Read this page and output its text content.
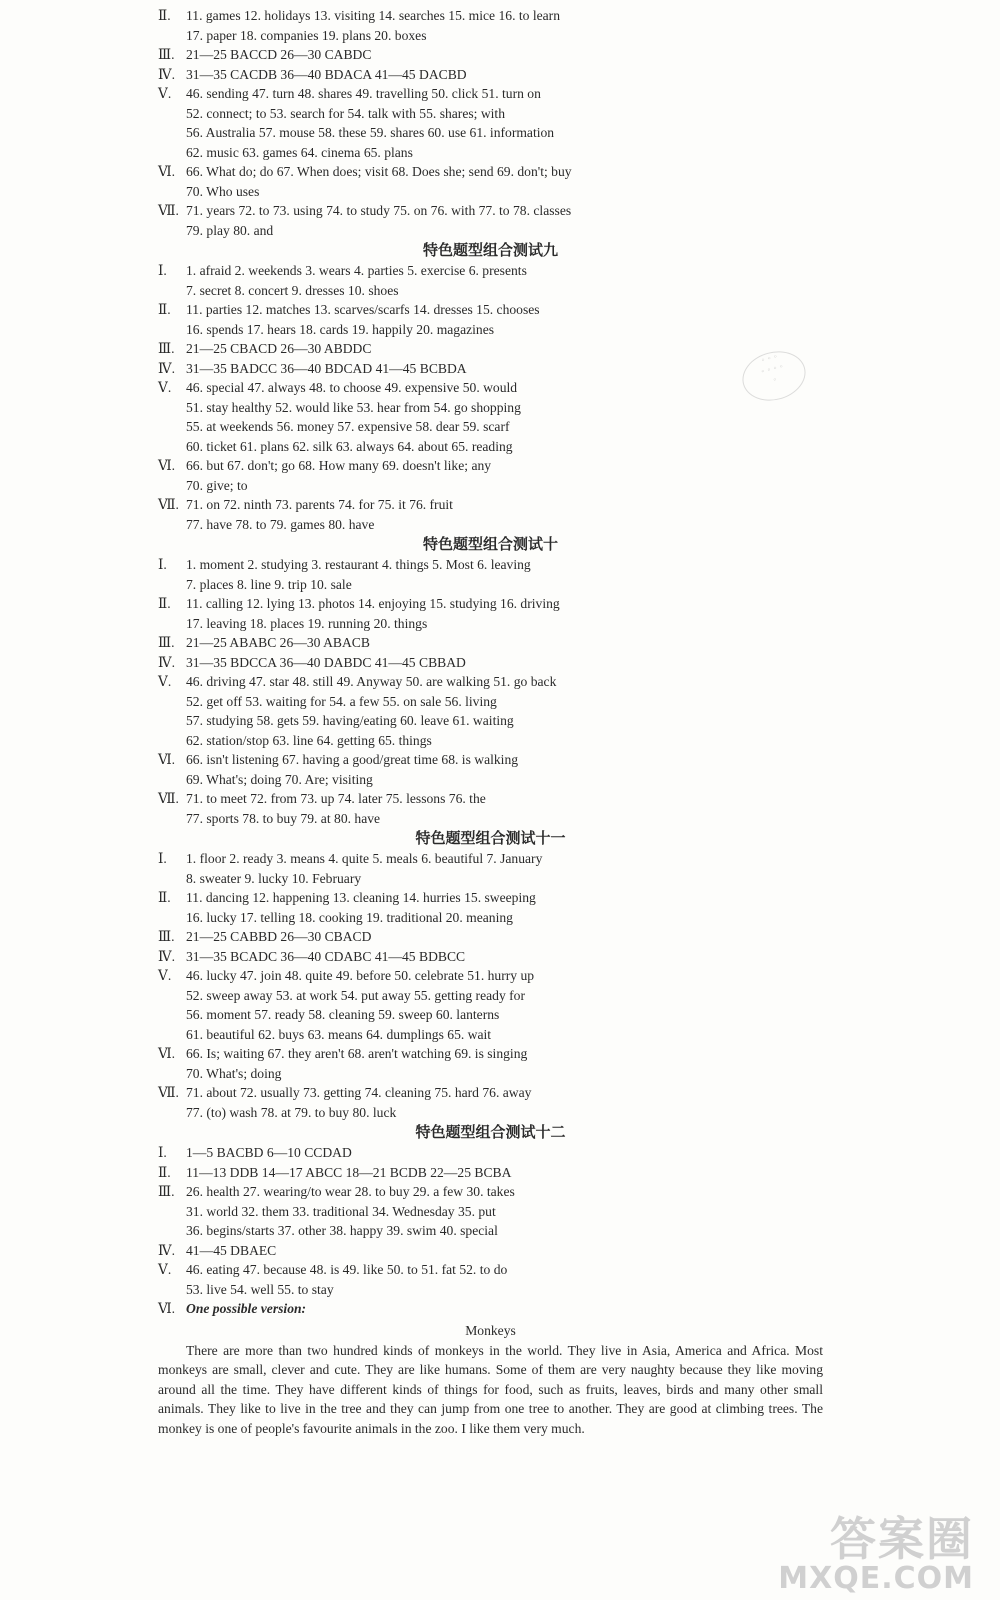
Ⅱ. 11. games 12. holidays 13. visiting 14. searches 15. mice 16. to learn
17. paper 18. companies 19. plans 20. boxes
Ⅲ. 21—25 BACCD 26—30 CABDC
Ⅳ. 31—35 CACDB 36—40 BDACA 41—45 DACBD
Ⅴ. 46. sending 47. turn 48. shares 49. travelling 50. click 51. turn on
52. connect; to 53. search for 54. talk with 55. shares; with
56. Australia 57. mouse 58. these 59. shares 60. use 61. information
62. music 63. games 64. cinema 65. plans
Ⅵ. 66. What do; do 67. When does; visit 68. Does she; send 69. don't; buy
70. Who uses
Ⅶ. 71. years 72. to 73. using 74. to study 75. on 76. with 77. to 78. classes
79. play 80. and
特色题型组合测试九
Ⅰ. 1. afraid 2. weekends 3. wears 4. parties 5. exercise 6. presents
7. secret 8. concert 9. dresses 10. shoes
Ⅱ. 11. parties 12. matches 13. scarves/scarfs 14. dresses 15. chooses
16. spends 17. hears 18. cards 19. happily 20. magazines
Ⅲ. 21—25 CBACD 26—30 ABDDC
Ⅳ. 31—35 BADCC 36—40 BDCAD 41—45 BCBDA
Ⅴ. 46. special 47. always 48. to choose 49. expensive 50. would
51. stay healthy 52. would like 53. hear from 54. go shopping
55. at weekends 56. money 57. expensive 58. dear 59. scarf
60. ticket 61. plans 62. silk 63. always 64. about 65. reading
Ⅵ. 66. but 67. don't; go 68. How many 69. doesn't like; any
70. give; to
Ⅶ. 71. on 72. ninth 73. parents 74. for 75. it 76. fruit
77. have 78. to 79. games 80. have
特色题型组合测试十
Ⅰ. 1. moment 2. studying 3. restaurant 4. things 5. Most 6. leaving
7. places 8. line 9. trip 10. sale
Ⅱ. 11. calling 12. lying 13. photos 14. enjoying 15. studying 16. driving
17. leaving 18. places 19. running 20. things
Ⅲ. 21—25 ABABC 26—30 ABACB
Ⅳ. 31—35 BDCCA 36—40 DABDC 41—45 CBBAD
Ⅴ. 46. driving 47. star 48. still 49. Anyway 50. are walking 51. go back
52. get off 53. waiting for 54. a few 55. on sale 56. living
57. studying 58. gets 59. having/eating 60. leave 61. waiting
62. station/stop 63. line 64. getting 65. things
Ⅵ. 66. isn't listening 67. having a good/great time 68. is walking
69. What's; doing 70. Are; visiting
Ⅶ. 71. to meet 72. from 73. up 74. later 75. lessons 76. the
77. sports 78. to buy 79. at 80. have
特色题型组合测试十一
Ⅰ. 1. floor 2. ready 3. means 4. quite 5. meals 6. beautiful 7. January
8. sweater 9. lucky 10. February
Ⅱ. 11. dancing 12. happening 13. cleaning 14. hurries 15. sweeping
16. lucky 17. telling 18. cooking 19. traditional 20. meaning
Ⅲ. 21—25 CABBD 26—30 CBACD
Ⅳ. 31—35 BCADC 36—40 CDABC 41—45 BDBCC
Ⅴ. 46. lucky 47. join 48. quite 49. before 50. celebrate 51. hurry up
52. sweep away 53. at work 54. put away 55. getting ready for
56. moment 57. ready 58. cleaning 59. sweep 60. lanterns
61. beautiful 62. buys 63. means 64. dumplings 65. wait
Ⅵ. 66. Is; waiting 67. they aren't 68. aren't watching 69. is singing
70. What's; doing
Ⅶ. 71. about 72. usually 73. getting 74. cleaning 75. hard 76. away
77. (to) wash 78. at 79. to buy 80. luck
特色题型组合测试十二
Ⅰ. 1—5 BACBD 6—10 CCDAD
Ⅱ. 11—13 DDB 14—17 ABCC 18—21 BCDB 22—25 BCBA
Ⅲ. 26. health 27. wearing/to wear 28. to buy 29. a few 30. takes
31. world 32. them 33. traditional 34. Wednesday 35. put
36. begins/starts 37. other 38. happy 39. swim 40. special
Ⅳ. 41—45 DBAEC
Ⅴ. 46. eating 47. because 48. is 49. like 50. to 51. fat 52. to do
53. live 54. well 55. to stay
Ⅵ. One possible version:
Monkeys

There are more than two hundred kinds of monkeys in the world. They live in Asia, America and Africa. Most monkeys are small, clever and cute. They are like humans. Some of them are very naughty because they like moving around all the time. They have different kinds of things for food, such as fruits, leaves, birds and many other small animals. They like to live in the tree and they can jump from one tree to another. They are good at climbing trees. The monkey is one of people's favourite animals in the zoo. I like them very much.

◦ ◦ ◦
◦ ◦ ◦ ◦
◦
答案圈
MXQE.COM
